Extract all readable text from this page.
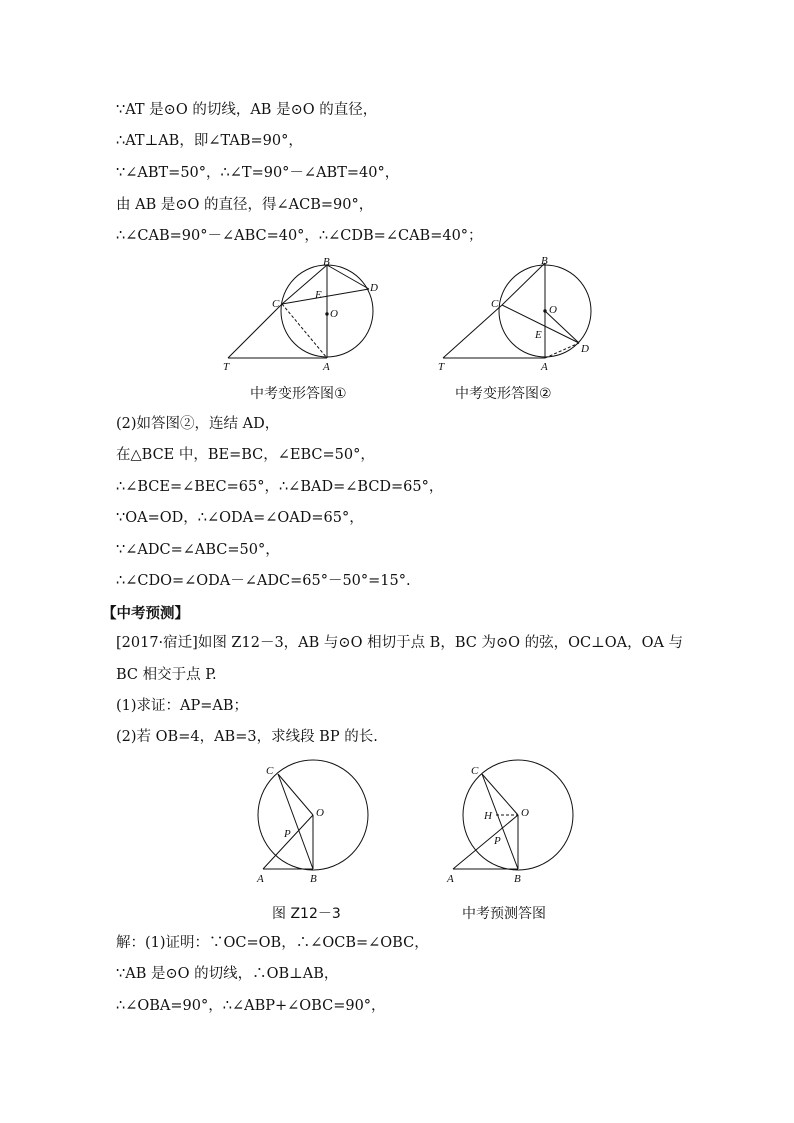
∵AT 是⊙O 的切线，AB 是⊙O 的直径，
∴AT⊥AB，即∠TAB=90°，
∵∠ABT=50°，∴∠T=90°－∠ABT=40°，
由 AB 是⊙O 的直径，得∠ACB=90°，
∴∠CAB=90°－∠ABC=40°，∴∠CDB=∠CAB=40°；
B
D
C
E
O
T	A
中考变形答图①
B
C	O
E
D
T	A
中考变形答图②
(2)如答图②，连结 AD，
在△BCE 中，BE=BC，∠EBC=50°，
∴∠BCE=∠BEC=65°，∴∠BAD=∠BCD=65°，
∵OA=OD，∴∠ODA=∠OAD=65°，
∵∠ADC=∠ABC=50°，
∴∠CDO=∠ODA－∠ADC=65°－50°=15°.
【中考预测】
[2017·宿迁]如图 Z12－3，AB 与⊙O 相切于点 B，BC 为⊙O 的弦，OC⊥OA，OA 与
BC 相交于点 P.
(1)求证：AP=AB；
(2)若 OB=4，AB=3，求线段 BP 的长.
C
O
P
A	B
图 Z12－3
C
H	O
P
A	B
中考预测答图
解：(1)证明：∵OC=OB，∴∠OCB=∠OBC，
∵AB 是⊙O 的切线，∴OB⊥AB，
∴∠OBA=90°，∴∠ABP+∠OBC=90°，
